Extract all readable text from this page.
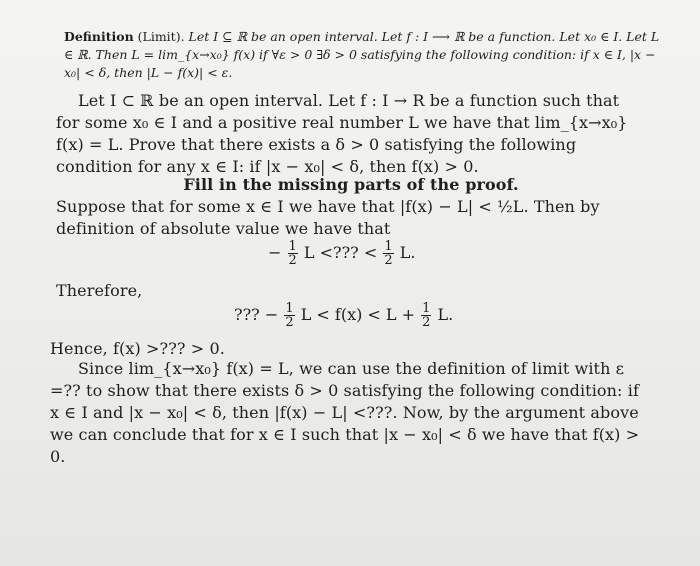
Definition (Limit). Let I ⊆ ℝ be an open interval. Let f : I ⟶ ℝ be a function. Let x₀ ∈ I. Let L ∈ ℝ. Then L = lim_{x→x₀} f(x) if ∀ε > 0 ∃δ > 0 satisfying the following condition: if x ∈ I, |x − x₀| < δ, then |L − f(x)| < ε.
Let I ⊂ ℝ be an open interval. Let f : I → R be a function such that for some x₀ ∈ I and a positive real number L we have that lim_{x→x₀} f(x) = L. Prove that there exists a δ > 0 satisfying the following condition for any x ∈ I: if |x − x₀| < δ, then f(x) > 0.
Fill in the missing parts of the proof.
Suppose that for some x ∈ I we have that |f(x) − L| < ½L. Then by definition of absolute value we have that
− $\frac{1}{2}$ L <??? < $\frac{1}{2} L$.
Therefore,
??? − $\frac{1}{2}$ $L < f(x) < L + \frac{1}{2} L$.
Hence, f(x) >??? > 0.
Since lim_{x→x₀} f(x) = L, we can use the definition of limit with ε =?? to show that there exists δ > 0 satisfying the following condition: if x ∈ I and |x − x₀| < δ, then |f(x) − L| <???. Now, by the argument above we can conclude that for x ∈ I such that |x − x₀| < δ we have that f(x) > 0.
